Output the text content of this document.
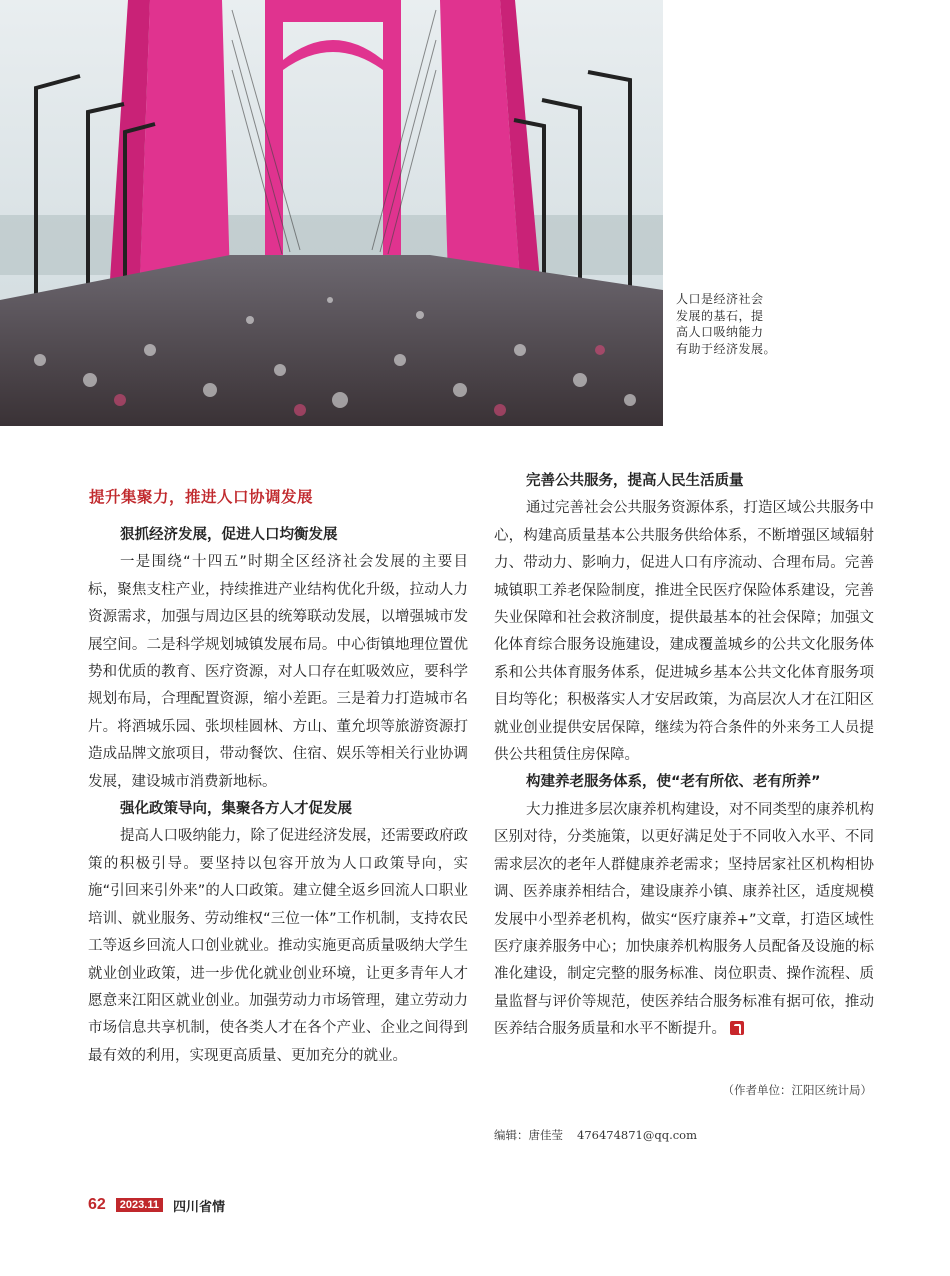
人口是经济社会
发展的基石，提
高人口吸纳能力
有助于经济发展。
提升集聚力，推进人口协调发展
狠抓经济发展，促进人口均衡发展

一是围绕“十四五”时期全区经济社会发展的主要目标，聚焦支柱产业，持续推进产业结构优化升级，拉动人力资源需求，加强与周边区县的统筹联动发展，以增强城市发展空间。二是科学规划城镇发展布局。中心街镇地理位置优势和优质的教育、医疗资源，对人口存在虹吸效应，要科学规划布局，合理配置资源，缩小差距。三是着力打造城市名片。将酒城乐园、张坝桂圆林、方山、董允坝等旅游资源打造成品牌文旅项目，带动餐饮、住宿、娱乐等相关行业协调发展，建设城市消费新地标。

强化政策导向，集聚各方人才促发展

提高人口吸纳能力，除了促进经济发展，还需要政府政策的积极引导。要坚持以包容开放为人口政策导向，实施“引回来引外来”的人口政策。建立健全返乡回流人口职业培训、就业服务、劳动维权“三位一体”工作机制，支持农民工等返乡回流人口创业就业。推动实施更高质量吸纳大学生就业创业政策，进一步优化就业创业环境，让更多青年人才愿意来江阳区就业创业。加强劳动力市场管理，建立劳动力市场信息共享机制，使各类人才在各个产业、企业之间得到最有效的利用，实现更高质量、更加充分的就业。

完善公共服务，提高人民生活质量

通过完善社会公共服务资源体系，打造区域公共服务中心，构建高质量基本公共服务供给体系，不断增强区域辐射力、带动力、影响力，促进人口有序流动、合理布局。完善城镇职工养老保险制度，推进全民医疗保险体系建设，完善失业保障和社会救济制度，提供最基本的社会保障；加强文化体育综合服务设施建设，建成覆盖城乡的公共文化服务体系和公共体育服务体系，促进城乡基本公共文化体育服务项目均等化；积极落实人才安居政策，为高层次人才在江阳区就业创业提供安居保障，继续为符合条件的外来务工人员提供公共租赁住房保障。

构建养老服务体系，使“老有所依、老有所养”

大力推进多层次康养机构建设，对不同类型的康养机构区别对待，分类施策，以更好满足处于不同收入水平、不同需求层次的老年人群健康养老需求；坚持居家社区机构相协调、医养康养相结合，建设康养小镇、康养社区，适度规模发展中小型养老机构，做实“医疗康养+”文章，打造区域性医疗康养服务中心；加快康养机构服务人员配备及设施的标准化建设，制定完整的服务标准、岗位职责、操作流程、质量监督与评价等规范，使医养结合服务标准有据可依，推动医养结合服务质量和水平不断提升。

（作者单位：江阳区统计局）
编辑：唐佳莹 476474871@qq.com
62	2023.11	四川省情
